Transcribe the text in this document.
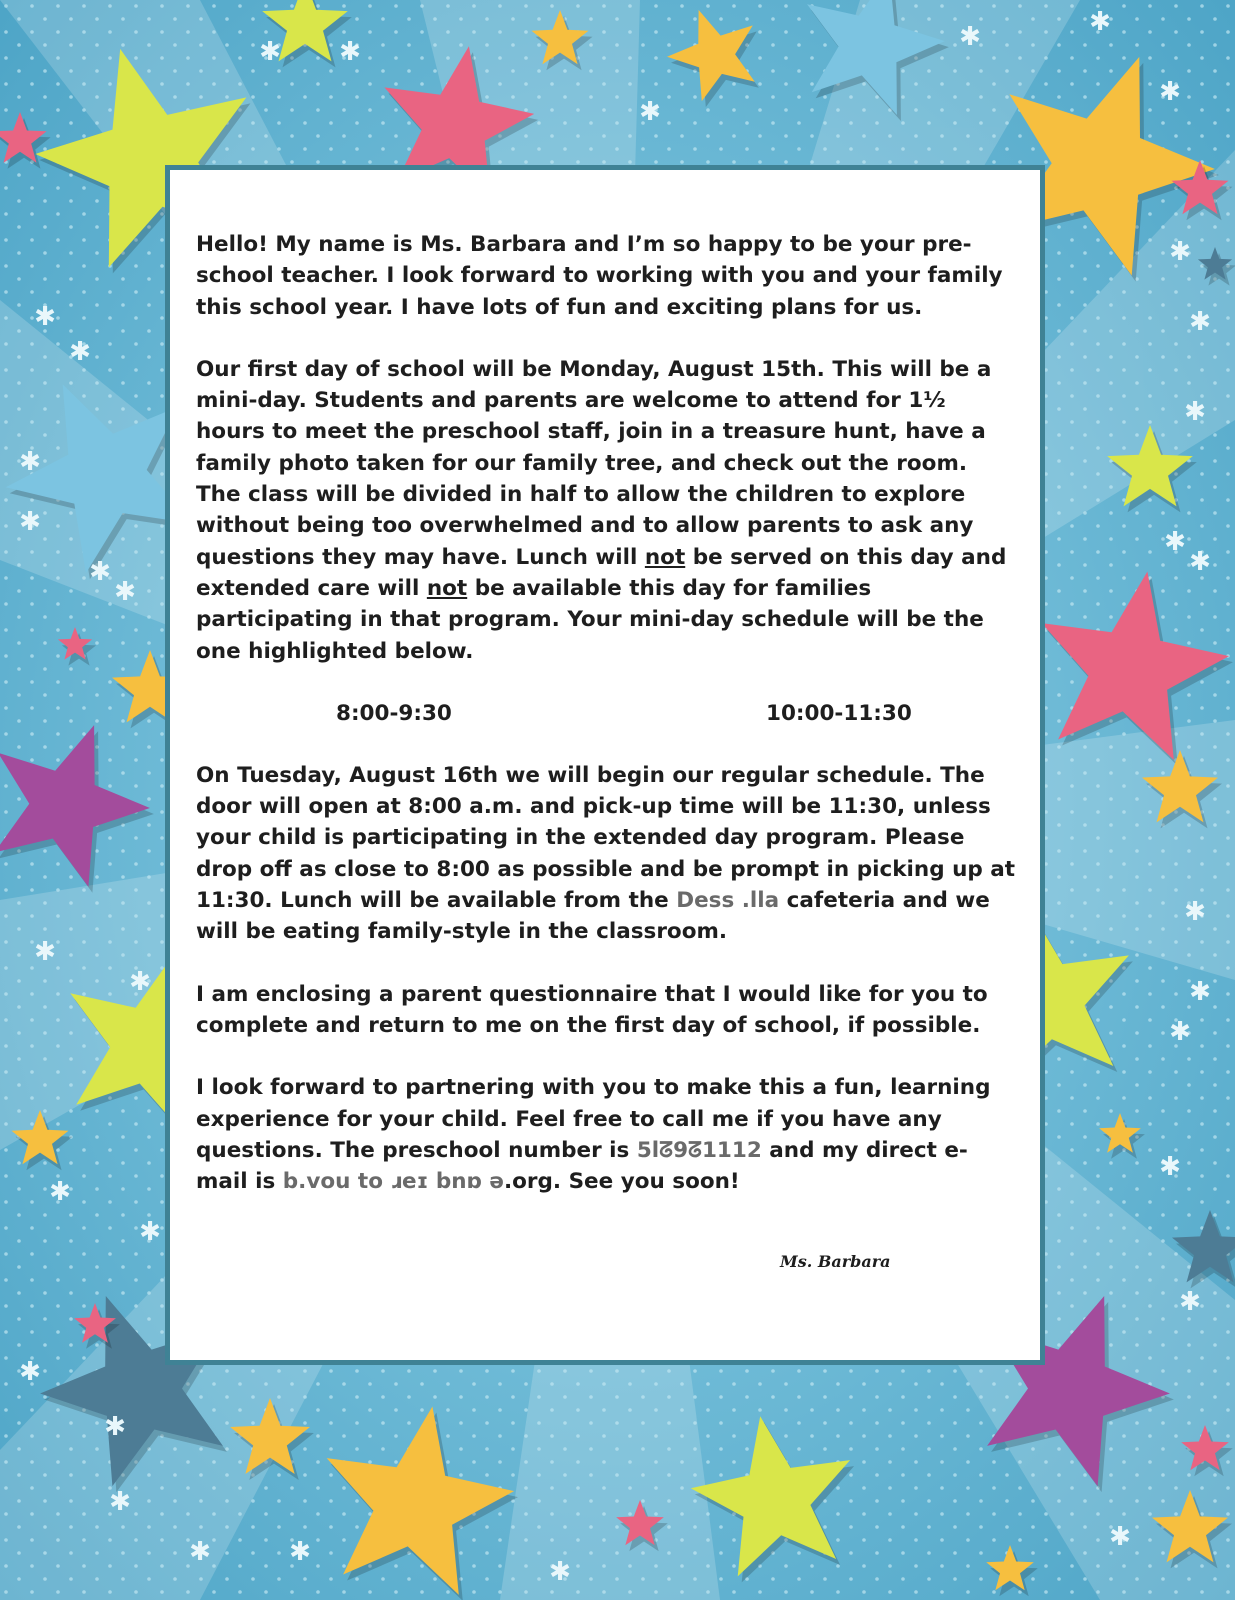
✱ ✱
✱
✱	✱
✱
✱
✱
✱
✱
✱
✱
✱
✱
✱
✱
✱
✱
✱
✱
✱
✱
✱
✱
✱
✱
✱	✱
✱
✱
✱
✱
✱

Hello! My name is Ms. Barbara and I’m so happy to be your pre-school teacher. I look forward to working with you and your family this school year. I have lots of fun and exciting plans for us.

Our first day of school will be Monday, August 15th. This will be a mini-day. Students and parents are welcome to attend for 1½ hours to meet the preschool staff, join in a treasure hunt, have a family photo taken for our family tree, and check out the room. The class will be divided in half to allow the children to explore without being too overwhelmed and to allow parents to ask any questions they may have. Lunch will not be served on this day and extended care will not be available this day for families participating in that program. Your mini-day schedule will be the one highlighted below.

8:00-9:30	10:00-11:30

On Tuesday, August 16th we will begin our regular schedule. The door will open at 8:00 a.m. and pick-up time will be 11:30, unless your child is participating in the extended day program. Please drop off as close to 8:00 as possible and be prompt in picking up at 11:30. Lunch will be available from the Dess .lla cafeteria and we will be eating family-style in the classroom.

I am enclosing a parent questionnaire that I would like for you to complete and return to me on the first day of school, if possible.

I look forward to partnering with you to make this a fun, learning experience for your child. Feel free to call me if you have any questions. The preschool number is 5lᘔ9ᘔ1112 and my direct e-mail is b.vou to ɹeɪ bnɒ ə.org. See you soon!

Ms. Barbara
